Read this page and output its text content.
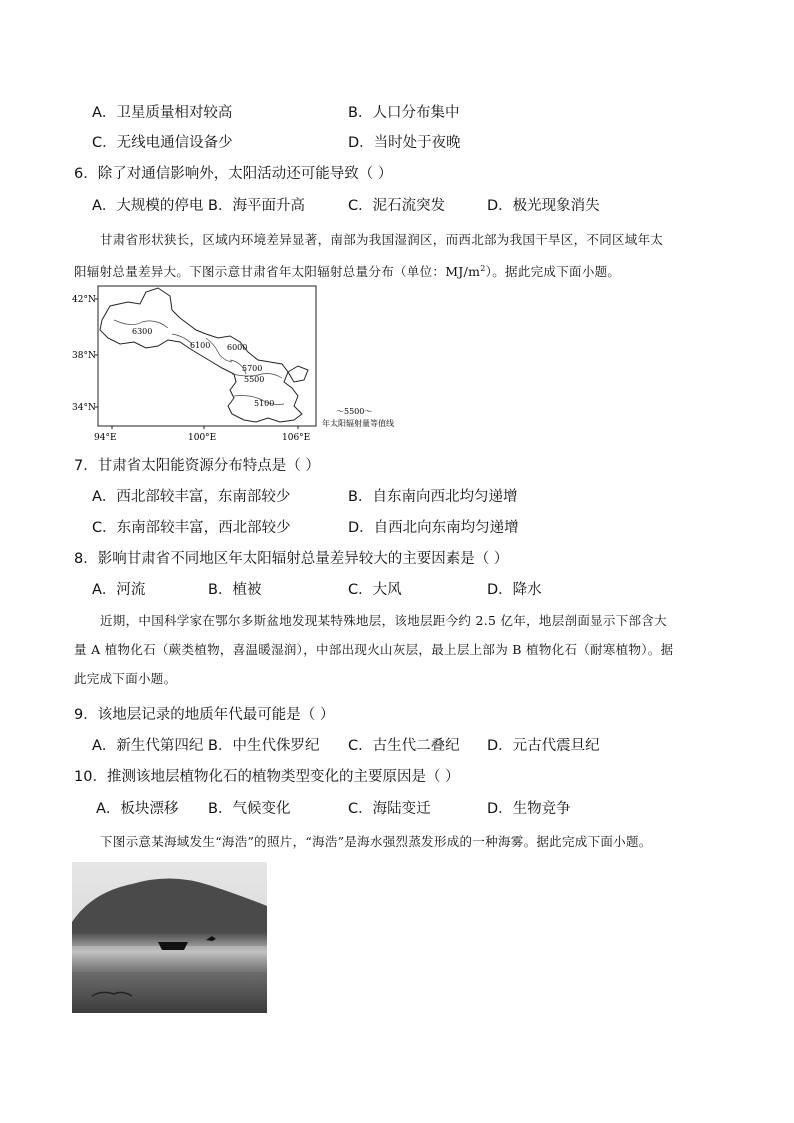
A．卫星质量相对较高	B．人口分布集中
C．无线电通信设备少	D．当时处于夜晚
6．除了对通信影响外，太阳活动还可能导致（ ）
A．大规模的停电 B．海平面升高	C．泥石流突发	D．极光现象消失
甘肃省形状狭长，区域内环境差异显著，南部为我国湿润区，而西北部为我国干旱区，不同区域年太
阳辐射总量差异大。下图示意甘肃省年太阳辐射总量分布（单位：$MJ/m^2$）。据此完成下面小题。
42°N
38°N
34°N
94°E	100°E	106°E
6300
6100 6000
5700
5500
5100
～5500～
年太阳辐射量等值线
7．甘肃省太阳能资源分布特点是（ ）
A．西北部较丰富，东南部较少	B．自东南向西北均匀递增
C．东南部较丰富，西北部较少	D．自西北向东南均匀递增
8．影响甘肃省不同地区年太阳辐射总量差异较大的主要因素是（ ）
A．河流	B．植被	C．大风	D．降水
近期，中国科学家在鄂尔多斯盆地发现某特殊地层，该地层距今约 2.5 亿年，地层剖面显示下部含大
量 A 植物化石（蕨类植物，喜温暖湿润），中部出现火山灰层，最上层上部为 B 植物化石（耐寒植物）。据
此完成下面小题。
9．该地层记录的地质年代最可能是（ ）
A．新生代第四纪 B．中生代侏罗纪 C．古生代二叠纪 D．元古代震旦纪
10．推测该地层植物化石的植物类型变化的主要原因是（ ）
A．板块漂移 B．气候变化	C．海陆变迁	D．生物竞争
下图示意某海域发生“海浩”的照片，“海浩”是海水强烈蒸发形成的一种海雾。据此完成下面小题。
